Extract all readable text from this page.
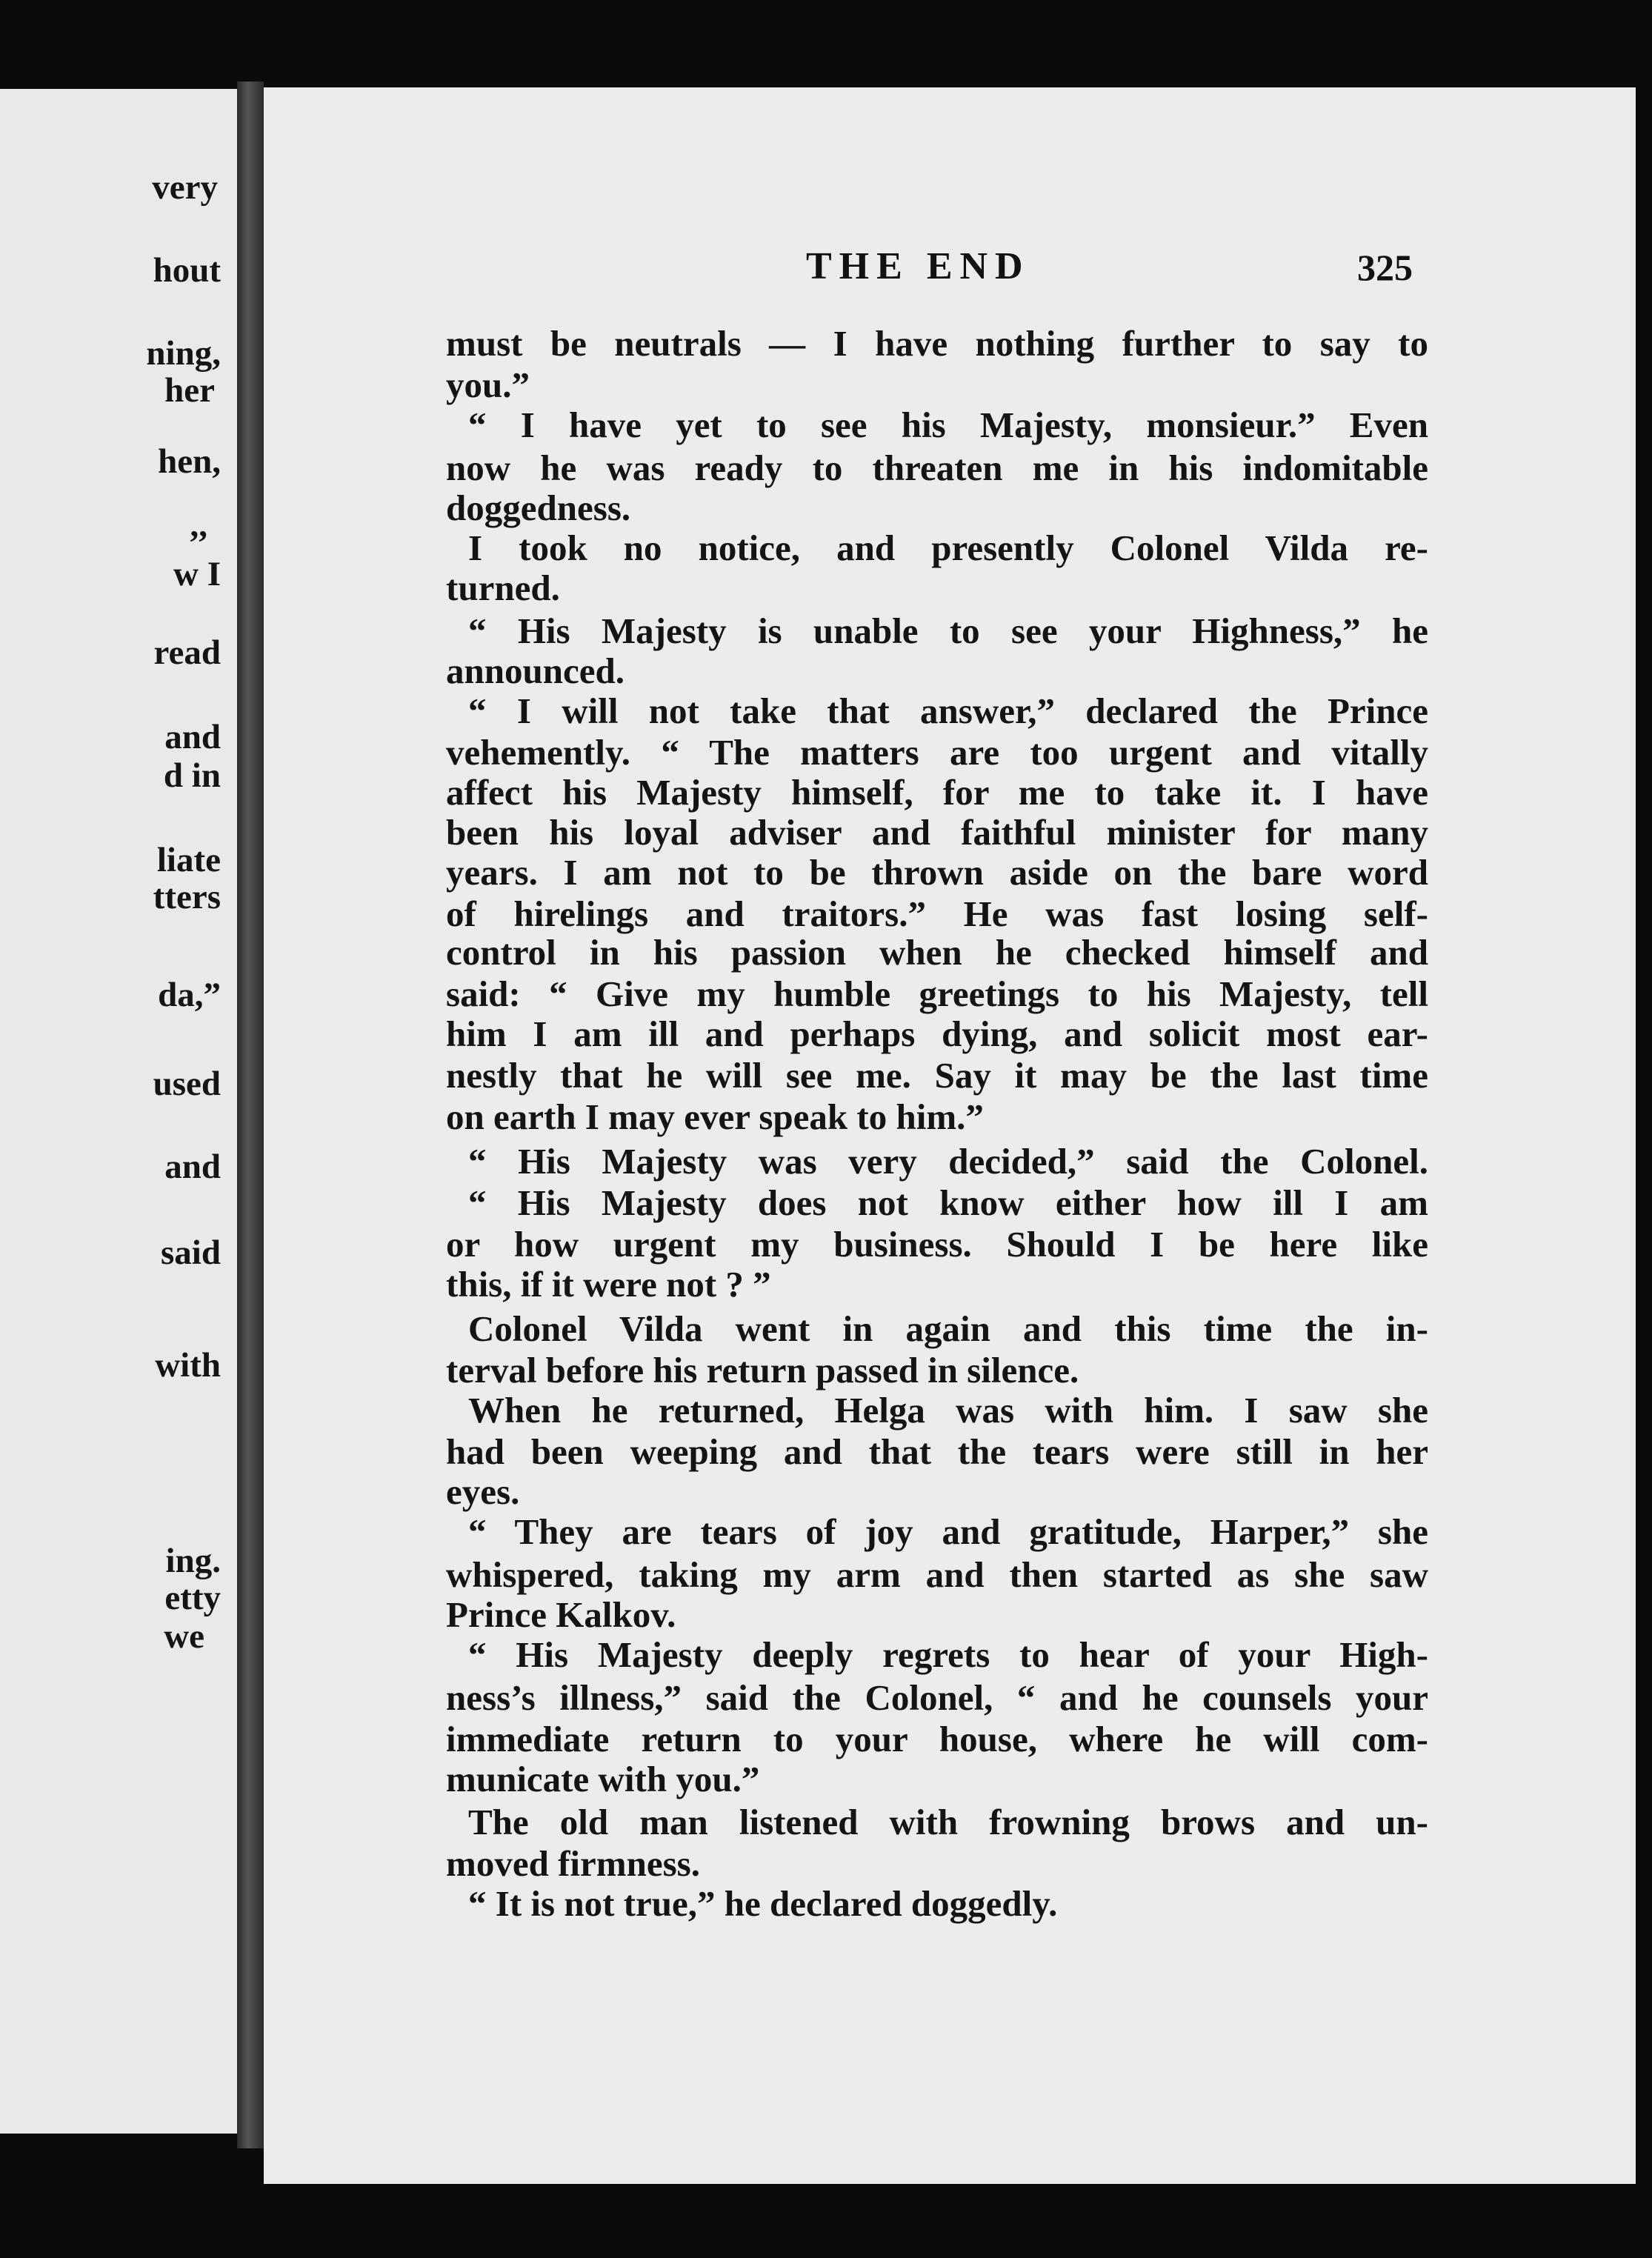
very
hout
ning,
her
hen,
,,
w I
read
and
d in
liate
tters
da,”
used
and
said
with
ing.
etty
we
THE END	325
must be neutrals — I have nothing further to say to
you.”
“ I have yet to see his Majesty, monsieur.” Even
now he was ready to threaten me in his indomitable
doggedness.
I took no notice, and presently Colonel Vilda re-
turned.
“ His Majesty is unable to see your Highness,” he
announced.
“ I will not take that answer,” declared the Prince
vehemently. “ The matters are too urgent and vitally
affect his Majesty himself, for me to take it. I have
been his loyal adviser and faithful minister for many
years. I am not to be thrown aside on the bare word
of hirelings and traitors.” He was fast losing self-
control in his passion when he checked himself and
said: “ Give my humble greetings to his Majesty, tell
him I am ill and perhaps dying, and solicit most ear-
nestly that he will see me. Say it may be the last time
on earth I may ever speak to him.”
“ His Majesty was very decided,” said the Colonel.
“ His Majesty does not know either how ill I am
or how urgent my business. Should I be here like
this, if it were not ? ”
Colonel Vilda went in again and this time the in-
terval before his return passed in silence.
When he returned, Helga was with him. I saw she
had been weeping and that the tears were still in her
eyes.
“ They are tears of joy and gratitude, Harper,” she
whispered, taking my arm and then started as she saw
Prince Kalkov.
“ His Majesty deeply regrets to hear of your High-
ness’s illness,” said the Colonel, “ and he counsels your
immediate return to your house, where he will com-
municate with you.”
The old man listened with frowning brows and un-
moved firmness.
“ It is not true,” he declared doggedly.
